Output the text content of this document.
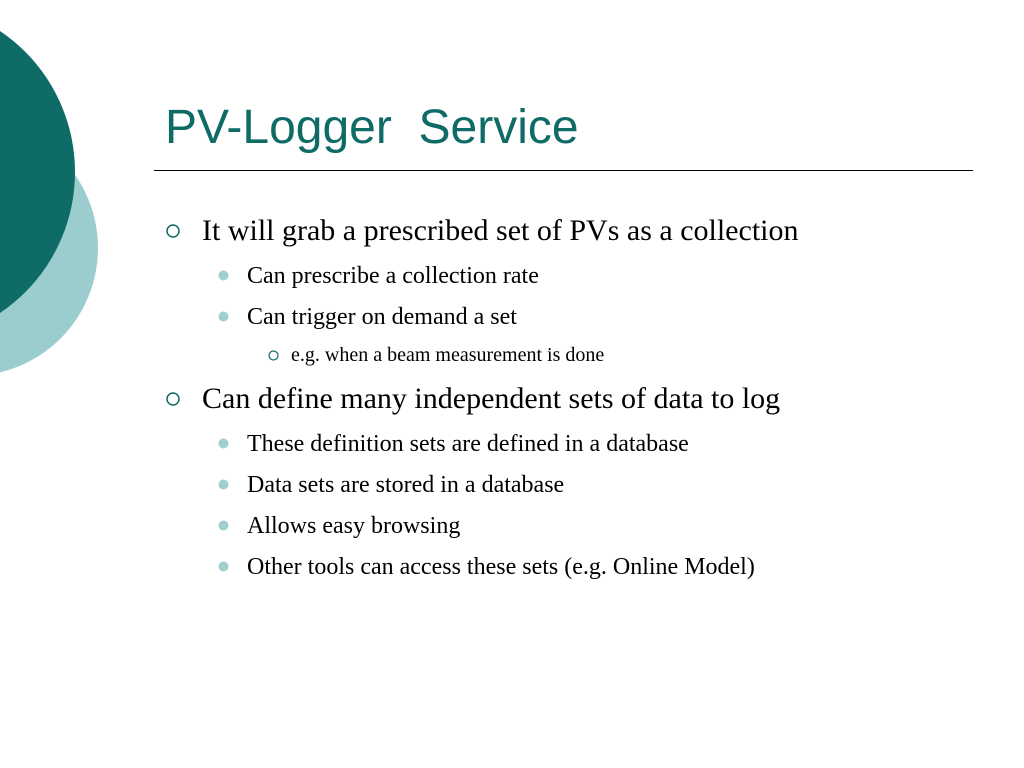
PV-Logger  Service
It will grab a prescribed set of PVs as a collection
Can prescribe a collection rate
Can trigger on demand a set
e.g. when a beam measurement is done
Can define many independent sets of data to log
These definition sets are defined in a database
Data sets are stored in a database
Allows easy browsing
Other tools can access these sets (e.g. Online Model)
